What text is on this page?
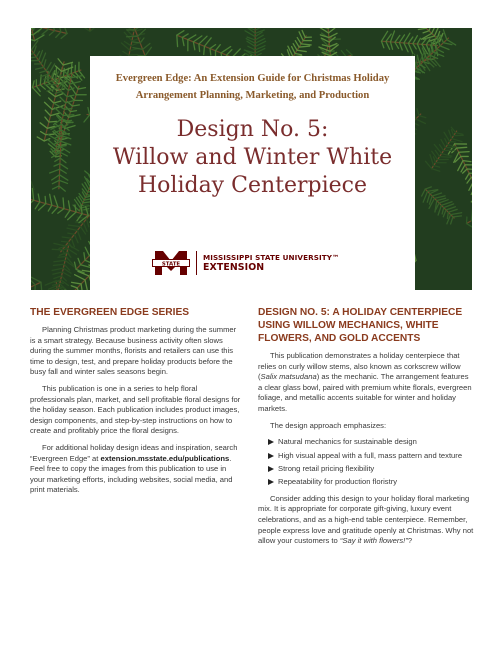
Evergreen Edge: An Extension Guide for Christmas Holiday Arrangement Planning, Marketing, and Production
Design No. 5:
Willow and Winter White
Holiday Centerpiece
STATE
MISSISSIPPI STATE UNIVERSITY™
EXTENSION
THE EVERGREEN EDGE SERIES

Planning Christmas product marketing during the summer is a smart strategy. Because business activity often slows during the summer months, florists and retailers can use this time to design, test, and prepare holiday products before the busy fall and winter sales seasons begin.

This publication is one in a series to help floral professionals plan, market, and sell profitable floral designs for the holiday season. Each publication includes product images, design components, and step-by-step instructions on how to create and profitably price the floral designs.

For additional holiday design ideas and inspiration, search “Evergreen Edge” at extension.msstate.edu/publications. Feel free to copy the images from this publication to use in your marketing efforts, including websites, social media, and print materials.

DESIGN NO. 5: A HOLIDAY CENTERPIECE USING WILLOW MECHANICS, WHITE FLOWERS, AND GOLD ACCENTS

This publication demonstrates a holiday centerpiece that relies on curly willow stems, also known as corkscrew willow (Salix matsudana) as the mechanic. The arrangement features a clear glass bowl, paired with premium white florals, evergreen foliage, and metallic accents suitable for winter and holiday markets.

The design approach emphasizes:

Natural mechanics for sustainable design
High visual appeal with a full, mass pattern and texture
Strong retail pricing flexibility
Repeatability for production floristry

Consider adding this design to your holiday floral marketing mix. It is appropriate for corporate gift-giving, luxury event celebrations, and as a high-end table centerpiece. Remember, people express love and gratitude openly at Christmas. Why not allow your customers to “Say it with flowers!”?
